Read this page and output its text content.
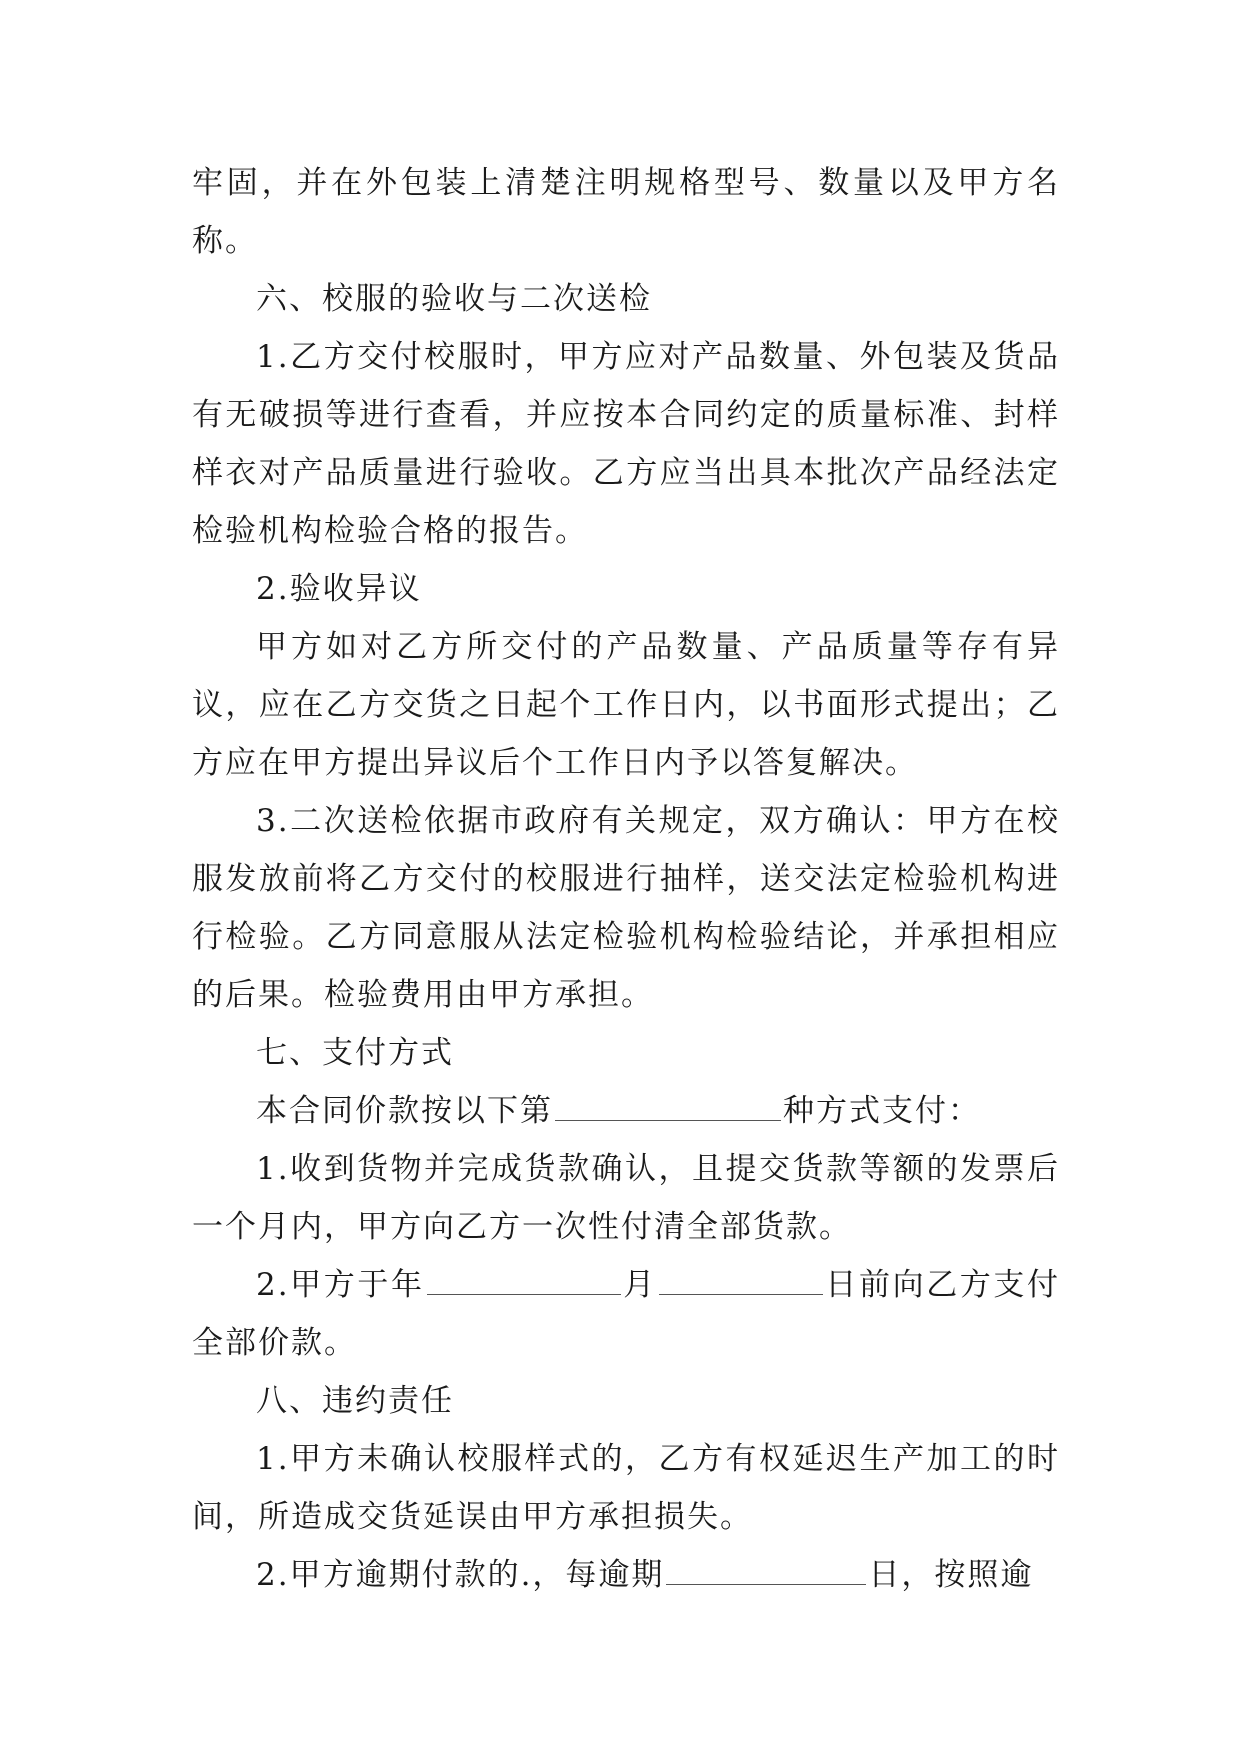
牢固，并在外包装上清楚注明规格型号、数量以及甲方名称。

六、校服的验收与二次送检

1.乙方交付校服时，甲方应对产品数量、外包装及货品有无破损等进行查看，并应按本合同约定的质量标准、封样样衣对产品质量进行验收。乙方应当出具本批次产品经法定检验机构检验合格的报告。

2.验收异议

甲方如对乙方所交付的产品数量、产品质量等存有异议，应在乙方交货之日起个工作日内，以书面形式提出；乙方应在甲方提出异议后个工作日内予以答复解决。

3.二次送检依据市政府有关规定，双方确认：甲方在校服发放前将乙方交付的校服进行抽样，送交法定检验机构进行检验。乙方同意服从法定检验机构检验结论，并承担相应的后果。检验费用由甲方承担。

七、支付方式

本合同价款按以下第	种方式支付：

1.收到货物并完成货款确认，且提交货款等额的发票后一个月内，甲方向乙方一次性付清全部货款。

2.甲方于年	月	日前向乙方支付全部价款。

八、违约责任

1.甲方未确认校服样式的，乙方有权延迟生产加工的时间，所造成交货延误由甲方承担损失。

2.甲方逾期付款的.，每逾期	日，按照逾
